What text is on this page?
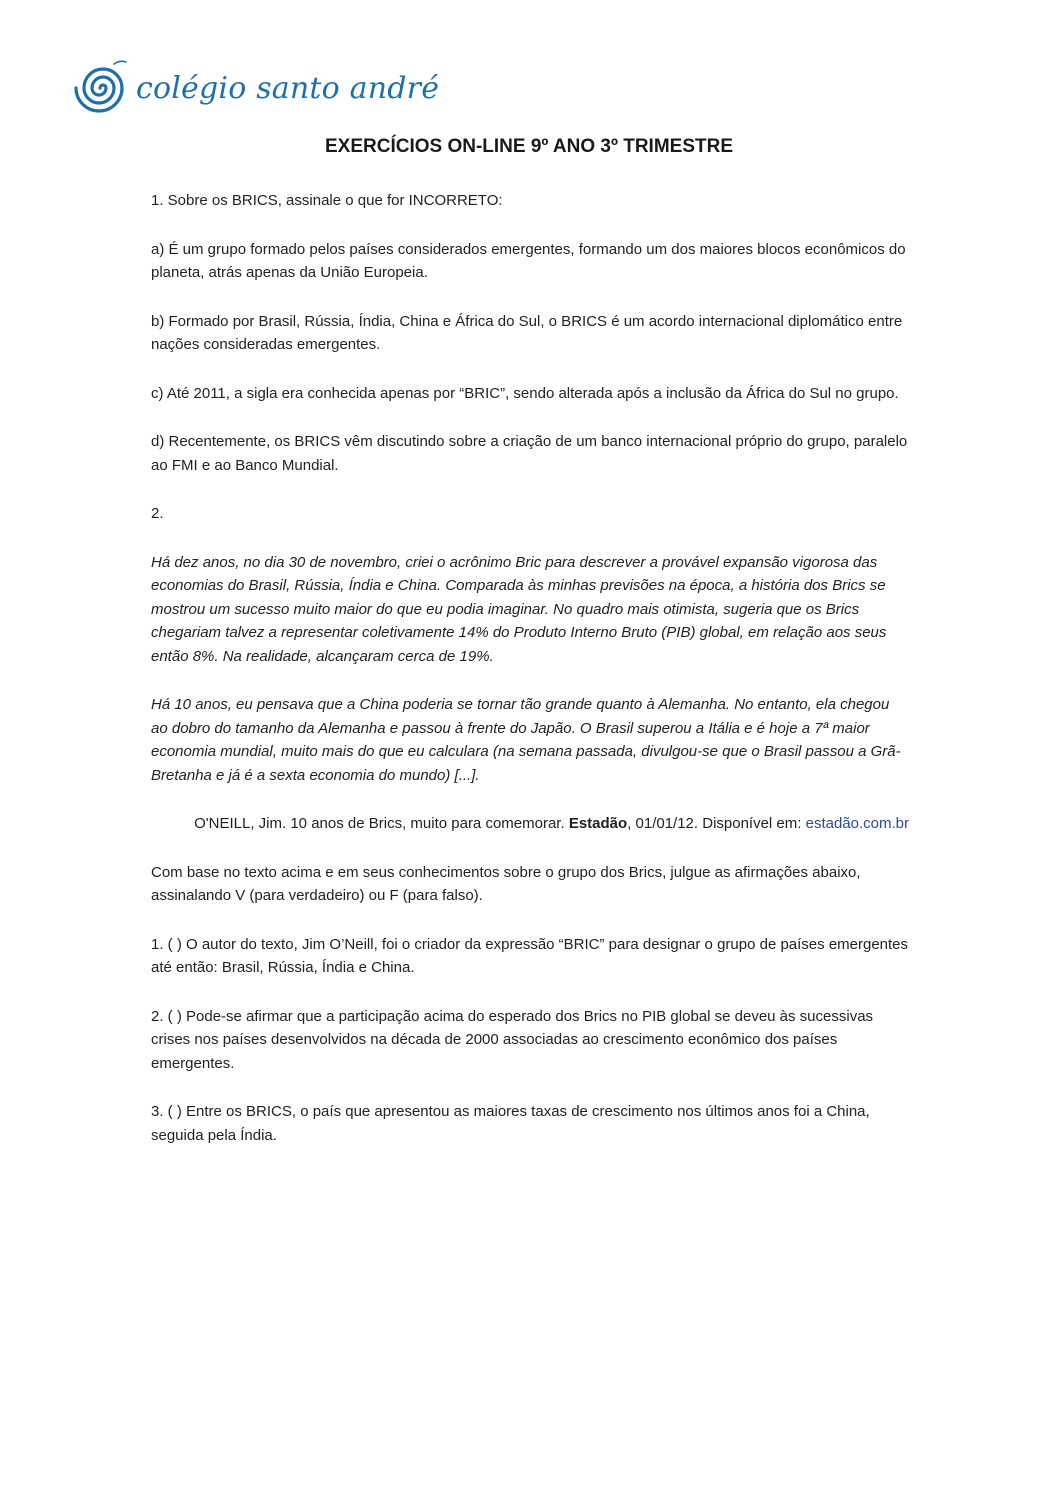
colégio santo andré
EXERCÍCIOS ON-LINE 9º ANO 3º TRIMESTRE

1. Sobre os BRICS, assinale o que for INCORRETO:

a) É um grupo formado pelos países considerados emergentes, formando um dos maiores blocos econômicos do planeta, atrás apenas da União Europeia.

b) Formado por Brasil, Rússia, Índia, China e África do Sul, o BRICS é um acordo internacional diplomático entre nações consideradas emergentes.

c) Até 2011, a sigla era conhecida apenas por “BRIC”, sendo alterada após a inclusão da África do Sul no grupo.

d) Recentemente, os BRICS vêm discutindo sobre a criação de um banco internacional próprio do grupo, paralelo ao FMI e ao Banco Mundial.

2.

Há dez anos, no dia 30 de novembro, criei o acrônimo Bric para descrever a provável expansão vigorosa das economias do Brasil, Rússia, Índia e China. Comparada às minhas previsões na época, a história dos Brics se mostrou um sucesso muito maior do que eu podia imaginar. No quadro mais otimista, sugeria que os Brics chegariam talvez a representar coletivamente 14% do Produto Interno Bruto (PIB) global, em relação aos seus então 8%. Na realidade, alcançaram cerca de 19%.

Há 10 anos, eu pensava que a China poderia se tornar tão grande quanto à Alemanha. No entanto, ela chegou ao dobro do tamanho da Alemanha e passou à frente do Japão. O Brasil superou a Itália e é hoje a 7ª maior economia mundial, muito mais do que eu calculara (na semana passada, divulgou-se que o Brasil passou a Grã-Bretanha e já é a sexta economia do mundo) [...].

O'NEILL, Jim. 10 anos de Brics, muito para comemorar. Estadão, 01/01/12. Disponível em: estadão.com.br

Com base no texto acima e em seus conhecimentos sobre o grupo dos Brics, julgue as afirmações abaixo, assinalando V (para verdadeiro) ou F (para falso).

1. ( ) O autor do texto, Jim O’Neill, foi o criador da expressão “BRIC” para designar o grupo de países emergentes até então: Brasil, Rússia, Índia e China.

2. ( ) Pode-se afirmar que a participação acima do esperado dos Brics no PIB global se deveu às sucessivas crises nos países desenvolvidos na década de 2000 associadas ao crescimento econômico dos países emergentes.

3. ( ) Entre os BRICS, o país que apresentou as maiores taxas de crescimento nos últimos anos foi a China, seguida pela Índia.
